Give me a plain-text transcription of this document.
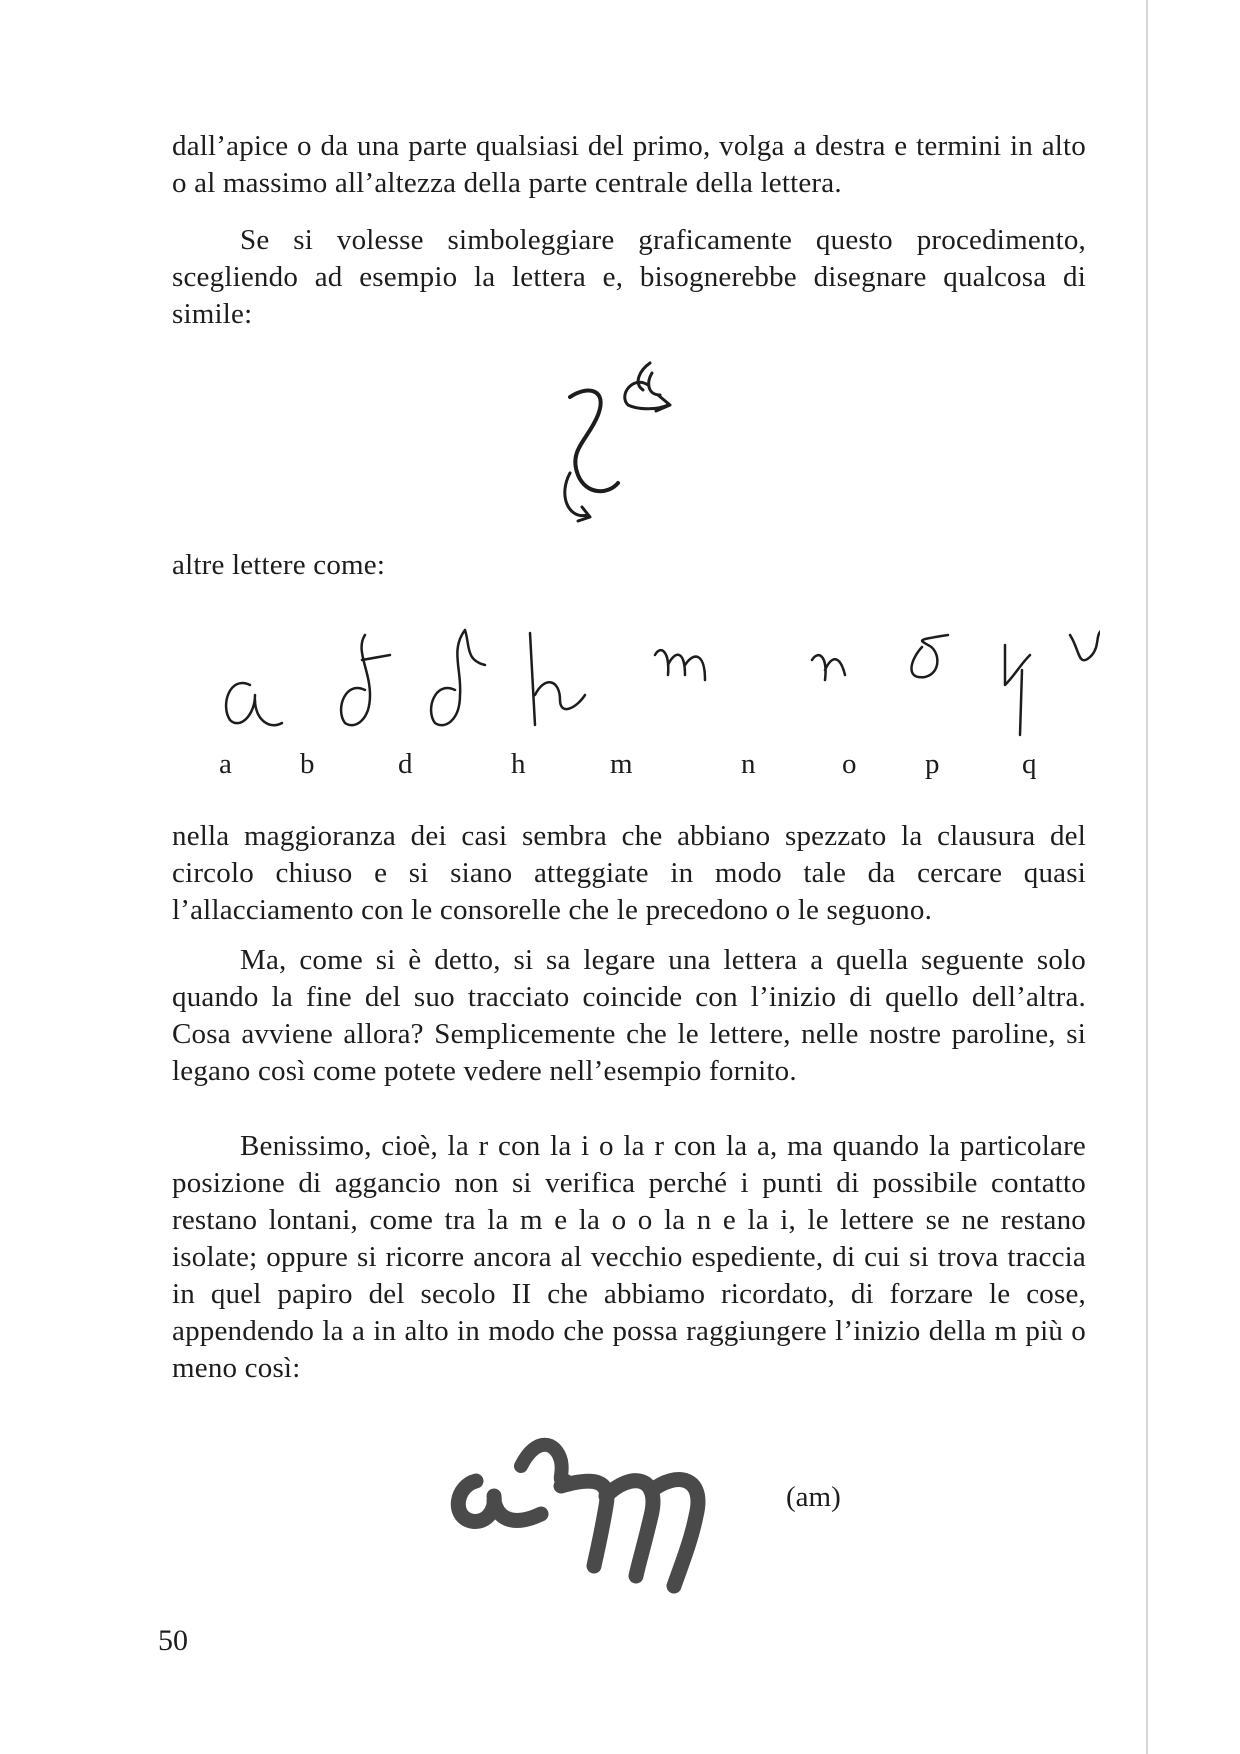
dall’apice o da una parte qualsiasi del primo, volga a destra e termini in alto o al massimo all’altezza della parte centrale della lettera.

Se si volesse simboleggiare graficamente questo procedimento, scegliendo ad esempio la lettera e, bisognerebbe disegnare qualcosa di simile:

altre lettere come:

a b	d	h	m	n	o p	q

nella maggioranza dei casi sembra che abbiano spezzato la clausura del circolo chiuso e si siano atteggiate in modo tale da cercare quasi l’allacciamento con le consorelle che le precedono o le seguono.

Ma, come si è detto, si sa legare una lettera a quella seguente solo quando la fine del suo tracciato coincide con l’inizio di quello dell’altra. Cosa avviene allora? Semplicemente che le lettere, nelle nostre paroline, si legano così come potete vedere nell’esempio fornito.

Benissimo, cioè, la r con la i o la r con la a, ma quando la particolare posizione di aggancio non si verifica perché i punti di possibile contatto restano lontani, come tra la m e la o o la n e la i, le lettere se ne restano isolate; oppure si ricorre ancora al vecchio espediente, di cui si trova traccia in quel papiro del secolo II che abbiamo ricordato, di forzare le cose, appendendo la a in alto in modo che possa raggiungere l’inizio della m più o meno così:

(am)
50
